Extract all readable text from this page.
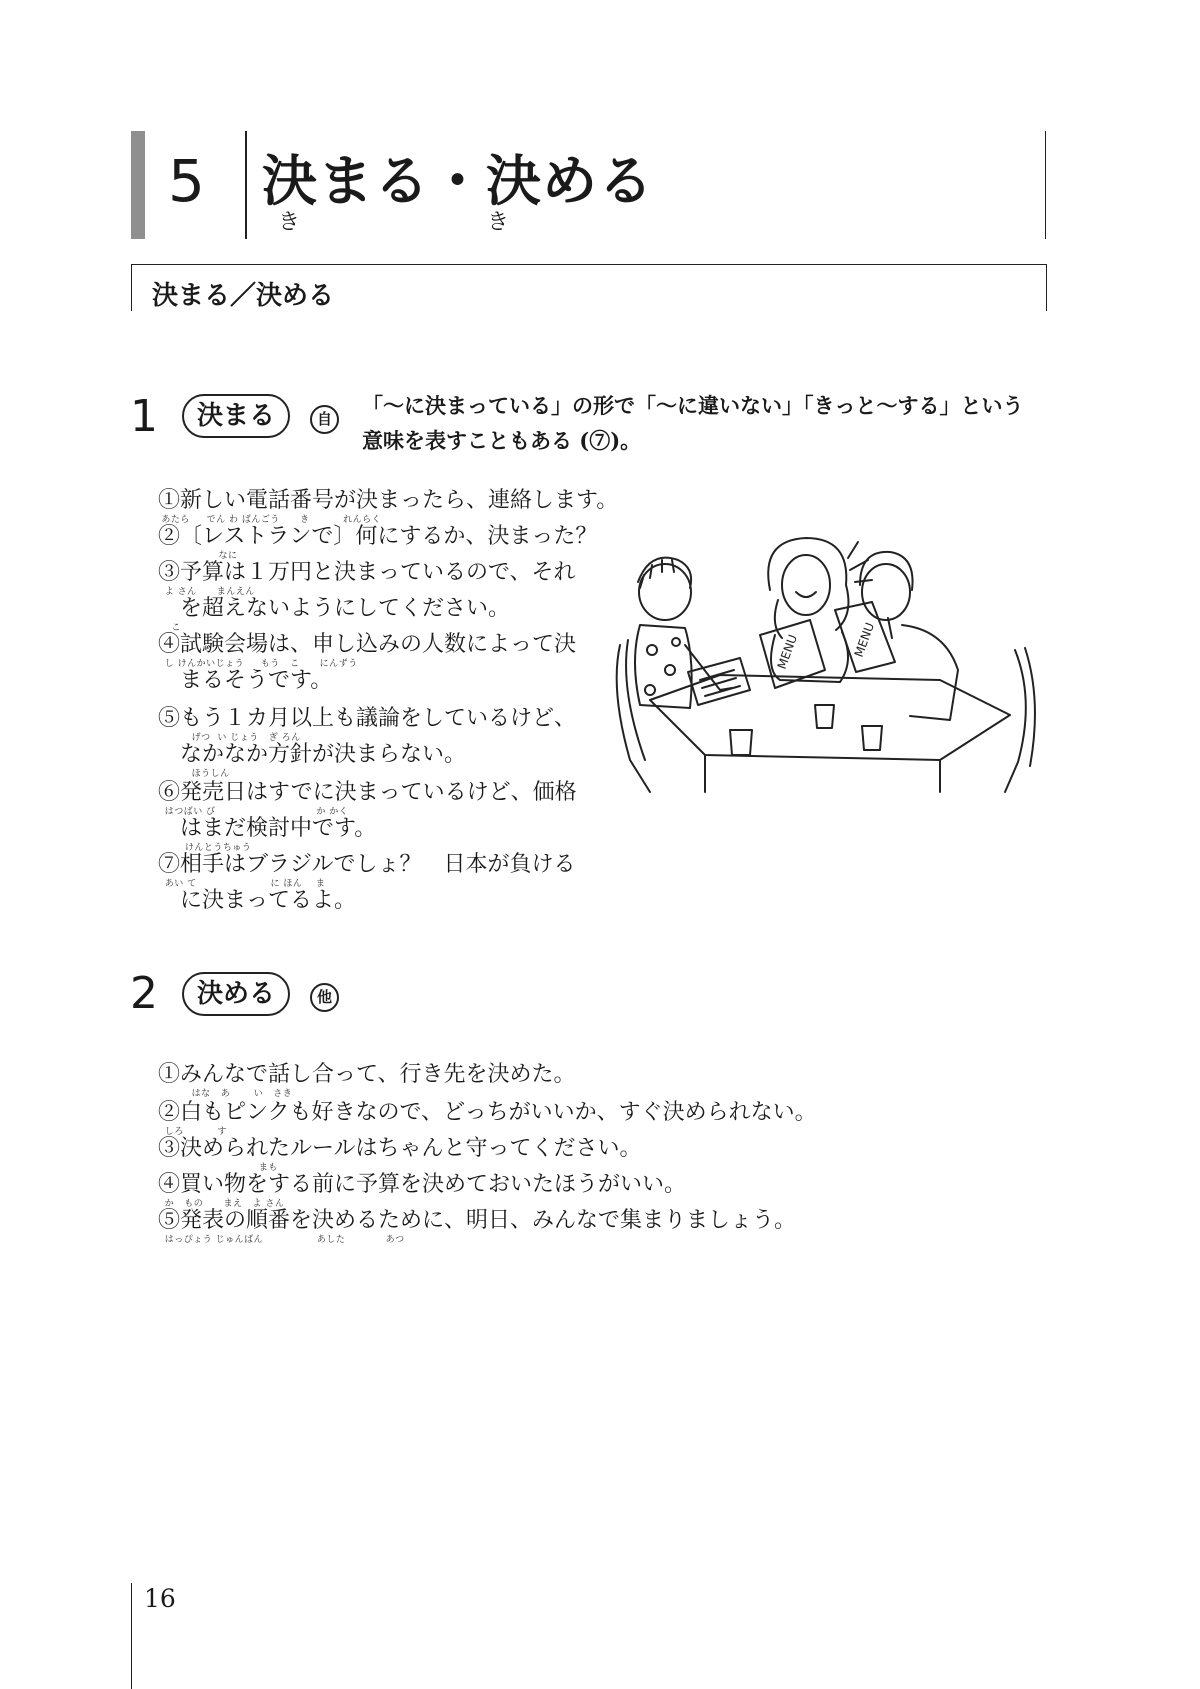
5 決まる・決める
き	き
決まる／決める
1	決まる	自
「～に決まっている」の形で「～に違いない」「きっと～する」という
意味を表すこともある (⑦)。
①新しい電話番号が決まったら、連絡します。
あたら     でん わ ばんごう      き          れんらく
②〔レストランで〕何にするか、決まった？
なに
③予算は１万円と決まっているので、それ
よ さん      まんえん
　を超えないようにしてください。
こ
④試験会場は、申し込みの人数によって決
し けんかいじょう     もう   こ      にんずう
　まるそうです。
⑤もう１カ月以上も議論をしているけど、
げつ  い じょう   ぎ ろん
　なかなか方針が決まらない。
ほうしん
⑥発売日はすでに決まっているけど、価格
はつばい び                              か かく
　はまだ検討中です。
けんとうちゅう
⑦相手はブラジルでしょ？　日本が負ける
あい て                      に ほん    ま
　に決まってるよ。
MENU	MENU
2	決める	他
①みんなで話し合って、行き先を決めた。
はな   あ       い   さき
②白もピンクも好きなので、どっちがいいか、すぐ決められない。
しろ          す
③決められたルールはちゃんと守ってください。
まも
④買い物をする前に予算を決めておいたほうがいい。
か   もの      まえ   よ さん
⑤発表の順番を決めるために、明日、みんなで集まりましょう。
はっぴょう じゅんばん                あした            あつ
16
